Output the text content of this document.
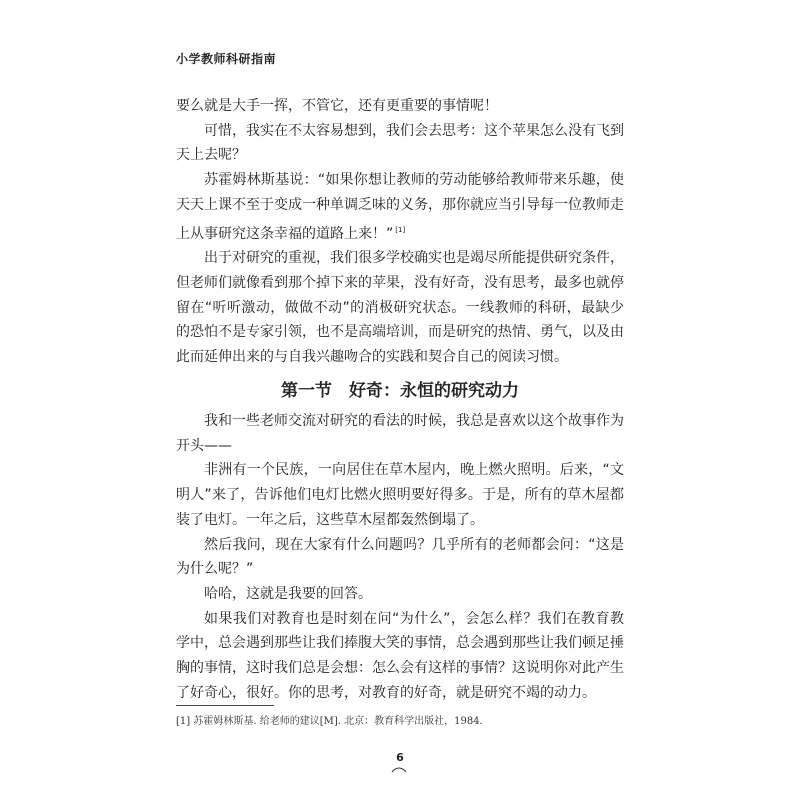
小学教师科研指南

要么就是大手一挥，不管它，还有更重要的事情呢！

可惜，我实在不太容易想到，我们会去思考：这个苹果怎么没有飞到天上去呢？

苏霍姆林斯基说：“如果你想让教师的劳动能够给教师带来乐趣，使天天上课不至于变成一种单调乏味的义务，那你就应当引导每一位教师走上从事研究这条幸福的道路上来！” [1]

出于对研究的重视，我们很多学校确实也是竭尽所能提供研究条件，但老师们就像看到那个掉下来的苹果，没有好奇，没有思考，最多也就停留在“听听激动，做做不动”的消极研究状态。一线教师的科研，最缺少的恐怕不是专家引领，也不是高端培训，而是研究的热情、勇气，以及由此而延伸出来的与自我兴趣吻合的实践和契合自己的阅读习惯。

第一节　好奇：永恒的研究动力

我和一些老师交流对研究的看法的时候，我总是喜欢以这个故事作为开头——

非洲有一个民族，一向居住在草木屋内，晚上燃火照明。后来，“文明人”来了，告诉他们电灯比燃火照明要好得多。于是，所有的草木屋都装了电灯。一年之后，这些草木屋都轰然倒塌了。

然后我问，现在大家有什么问题吗？几乎所有的老师都会问：“这是为什么呢？”

哈哈，这就是我要的回答。

如果我们对教育也是时刻在问“为什么”，会怎么样？我们在教育教学中，总会遇到那些让我们捧腹大笑的事情，总会遇到那些让我们顿足捶胸的事情，这时我们总是会想：怎么会有这样的事情？这说明你对此产生了好奇心，很好。你的思考，对教育的好奇，就是研究不竭的动力。

[1] 苏霍姆林斯基. 给老师的建议[M]. 北京：教育科学出版社，1984.
6
